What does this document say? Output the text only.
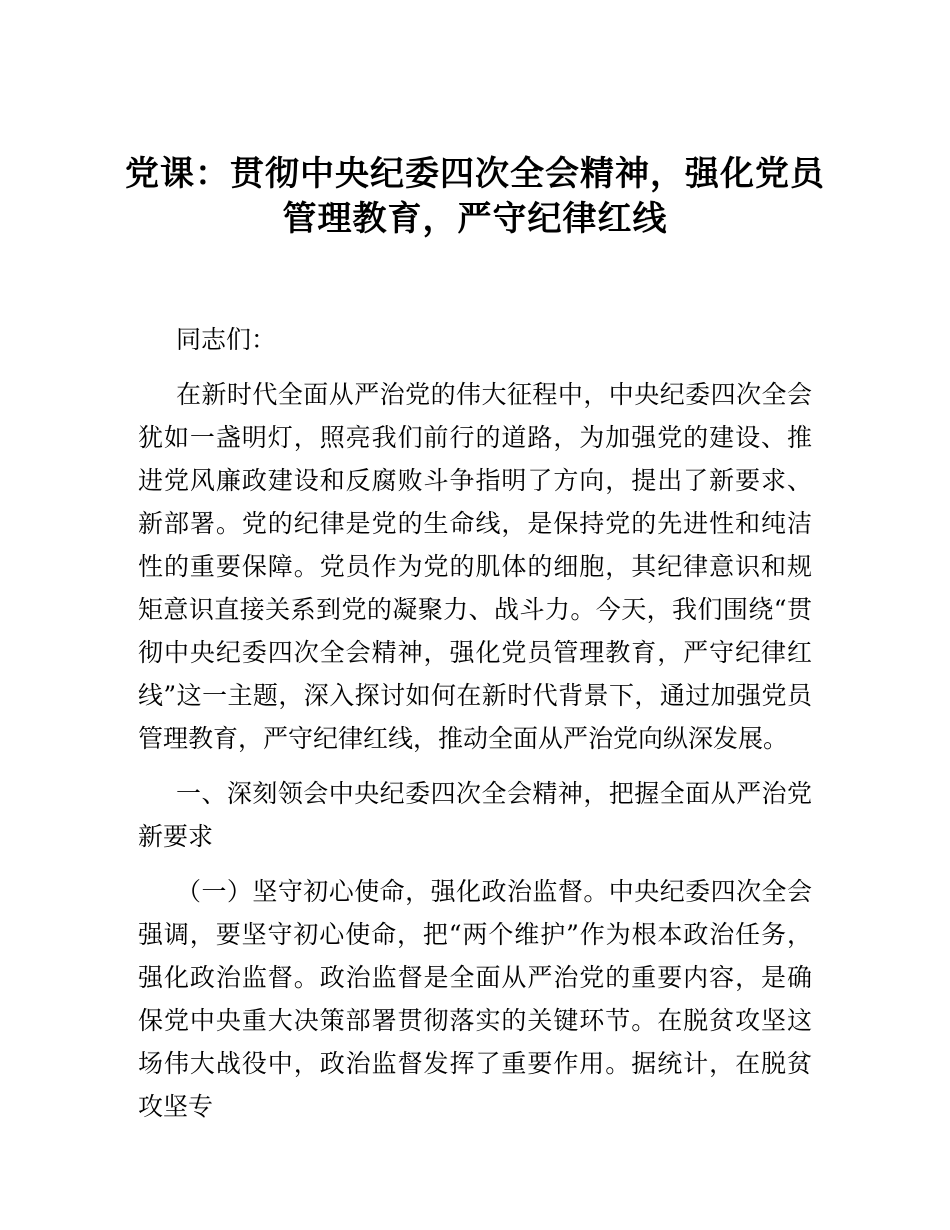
党课：贯彻中央纪委四次全会精神，强化党员管理教育，严守纪律红线

同志们：

在新时代全面从严治党的伟大征程中，中央纪委四次全会犹如一盏明灯，照亮我们前行的道路，为加强党的建设、推进党风廉政建设和反腐败斗争指明了方向，提出了新要求、新部署。党的纪律是党的生命线，是保持党的先进性和纯洁性的重要保障。党员作为党的肌体的细胞，其纪律意识和规矩意识直接关系到党的凝聚力、战斗力。今天，我们围绕“贯彻中央纪委四次全会精神，强化党员管理教育，严守纪律红线”这一主题，深入探讨如何在新时代背景下，通过加强党员管理教育，严守纪律红线，推动全面从严治党向纵深发展。

一、深刻领会中央纪委四次全会精神，把握全面从严治党新要求

（一）坚守初心使命，强化政治监督。中央纪委四次全会强调，要坚守初心使命，把“两个维护”作为根本政治任务，强化政治监督。政治监督是全面从严治党的重要内容，是确保党中央重大决策部署贯彻落实的关键环节。在脱贫攻坚这场伟大战役中，政治监督发挥了重要作用。据统计，在脱贫攻坚专
